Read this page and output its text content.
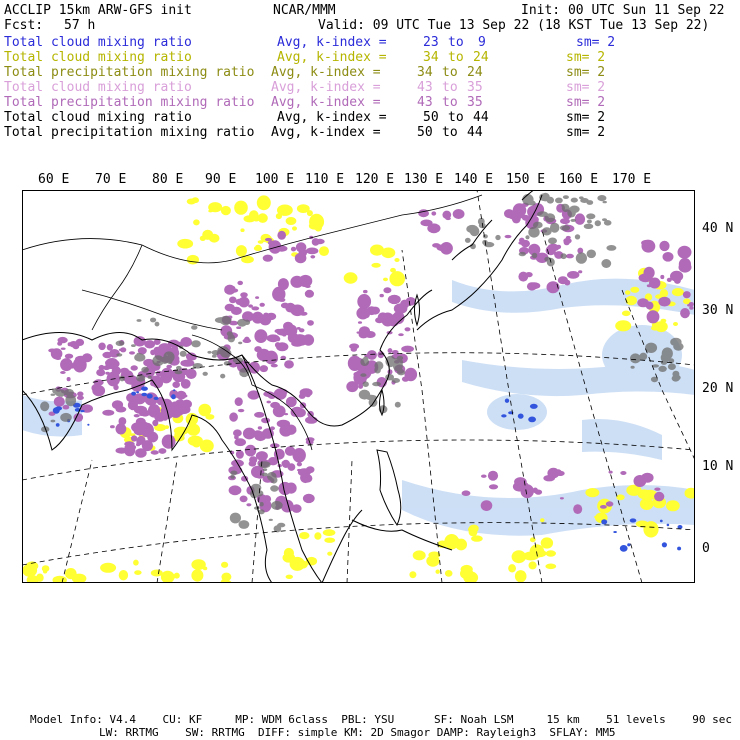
ACCLIP 15km ARW-GFS init	NCAR/MMM	Init: 00 UTC Sun 11 Sep 22
Fcst: 57 h	Valid: 09 UTC Tue 13 Sep 22 (18 KST Tue 13 Sep 22)
Total cloud mixing ratio	Avg, k-index =	23 to 9	sm= 2
Total cloud mixing ratio	Avg, k-index =	34 to 24	sm= 2
Total precipitation mixing ratio Avg, k-index =	34 to 24	sm= 2
Total cloud mixing ratio	Avg, k-index =	43 to 35	sm= 2
Total precipitation mixing ratio Avg, k-index =	43 to 35	sm= 2
Total cloud mixing ratio	Avg, k-index =	50 to 44	sm= 2
Total precipitation mixing ratio Avg, k-index =	50 to 44	sm= 2
60 E 70 E 80 E 90 E 100 E 110 E 120 E 130 E 140 E 150 E 160 E 170 E
40 N
30 N
20 N
10 N
0
Model Info: V4.4    CU: KF     MP: WDM 6class  PBL: YSU      SF: Noah LSM     15 km    51 levels    90 sec
LW: RRTMG    SW: RRTMG  DIFF: simple KM: 2D Smagor DAMP: Rayleigh3  SFLAY: MM5
